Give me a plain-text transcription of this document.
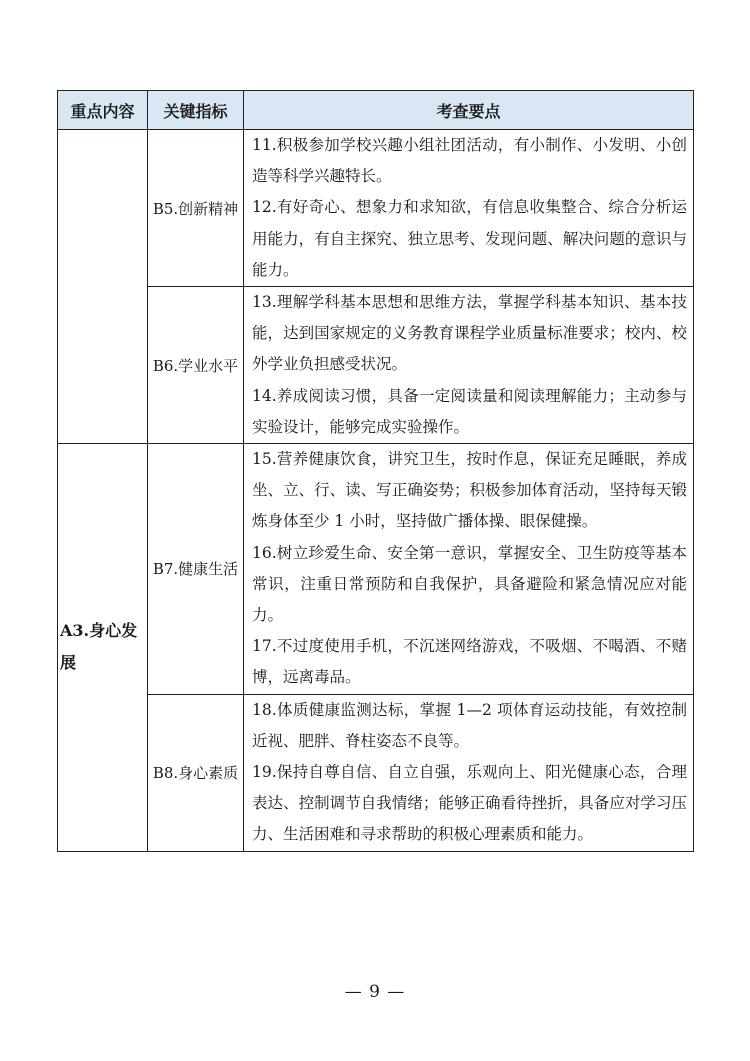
重点内容	关键指标	考查要点
	B5.创新精神	11.积极参加学校兴趣小组社团活动，有小制作、小发明、小创造等科学兴趣特长。

12.有好奇心、想象力和求知欲，有信息收集整合、综合分析运用能力，有自主探究、独立思考、发现问题、解决问题的意识与能力。

	B6.学业水平	13.理解学科基本思想和思维方法，掌握学科基本知识、基本技能，达到国家规定的义务教育课程学业质量标准要求；校内、校外学业负担感受状况。

14.养成阅读习惯，具备一定阅读量和阅读理解能力；主动参与实验设计，能够完成实验操作。

A3.身心发展	B7.健康生活	15.营养健康饮食，讲究卫生，按时作息，保证充足睡眠，养成坐、立、行、读、写正确姿势；积极参加体育活动，坚持每天锻炼身体至少 1 小时，坚持做广播体操、眼保健操。

16.树立珍爱生命、安全第一意识，掌握安全、卫生防疫等基本常识，注重日常预防和自我保护，具备避险和紧急情况应对能力。

17.不过度使用手机，不沉迷网络游戏，不吸烟、不喝酒、不赌博，远离毒品。

	B8.身心素质	18.体质健康监测达标，掌握 1—2 项体育运动技能，有效控制近视、肥胖、脊柱姿态不良等。

19.保持自尊自信、自立自强，乐观向上、阳光健康心态，合理表达、控制调节自我情绪；能够正确看待挫折，具备应对学习压力、生活困难和寻求帮助的积极心理素质和能力。

— 9 —
